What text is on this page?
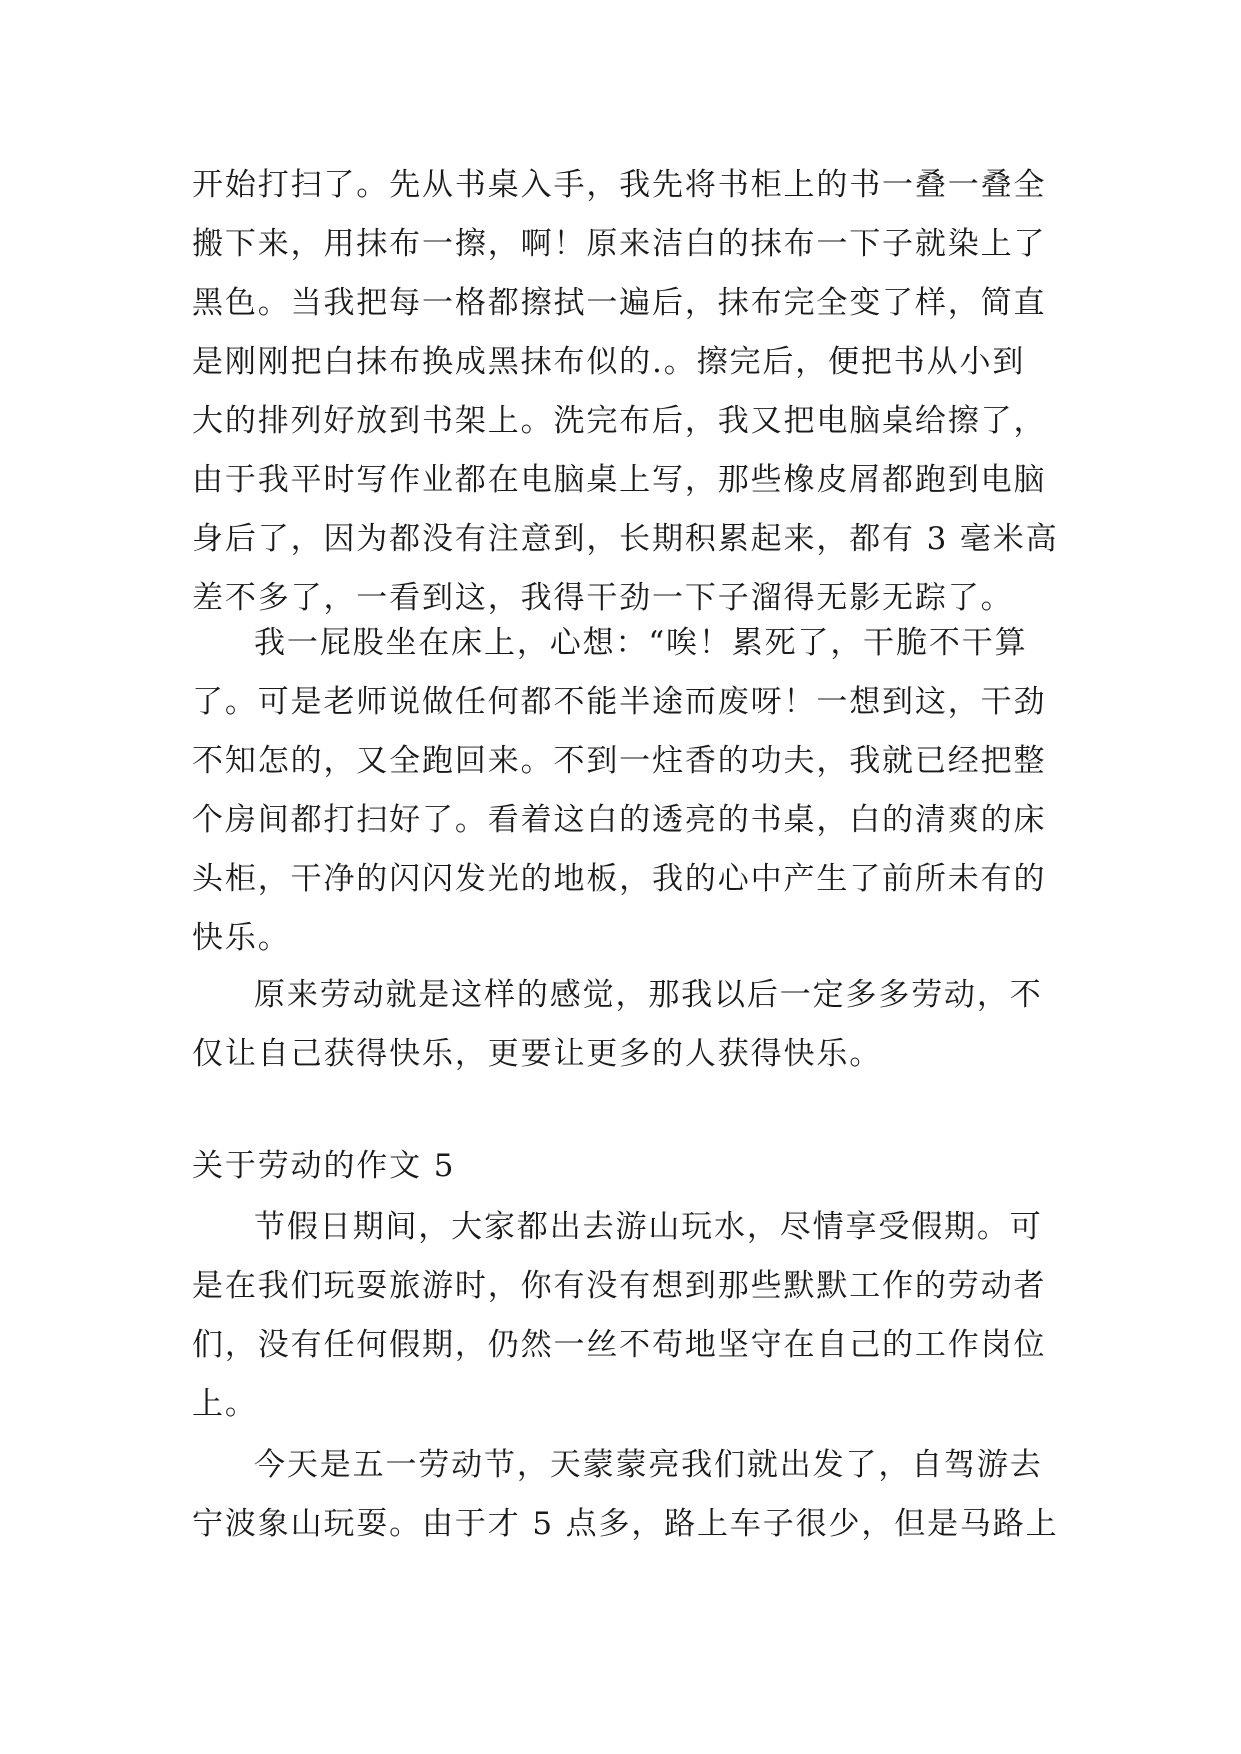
开始打扫了。先从书桌入手，我先将书柜上的书一叠一叠全
搬下来，用抹布一擦，啊！原来洁白的抹布一下子就染上了
黑色。当我把每一格都擦拭一遍后，抹布完全变了样，简直
是刚刚把白抹布换成黑抹布似的.。擦完后，便把书从小到
大的排列好放到书架上。洗完布后，我又把电脑桌给擦了，
由于我平时写作业都在电脑桌上写，那些橡皮屑都跑到电脑
身后了，因为都没有注意到，长期积累起来，都有 3 毫米高
差不多了，一看到这，我得干劲一下子溜得无影无踪了。
我一屁股坐在床上，心想：“唉！累死了，干脆不干算
了。可是老师说做任何都不能半途而废呀！一想到这，干劲
不知怎的，又全跑回来。不到一炷香的功夫，我就已经把整
个房间都打扫好了。看着这白的透亮的书桌，白的清爽的床
头柜，干净的闪闪发光的地板，我的心中产生了前所未有的
快乐。
原来劳动就是这样的感觉，那我以后一定多多劳动，不
仅让自己获得快乐，更要让更多的人获得快乐。
关于劳动的作文 5
节假日期间，大家都出去游山玩水，尽情享受假期。可
是在我们玩耍旅游时，你有没有想到那些默默工作的劳动者
们，没有任何假期，仍然一丝不苟地坚守在自己的工作岗位
上。
今天是五一劳动节，天蒙蒙亮我们就出发了，自驾游去
宁波象山玩耍。由于才 5 点多，路上车子很少，但是马路上
